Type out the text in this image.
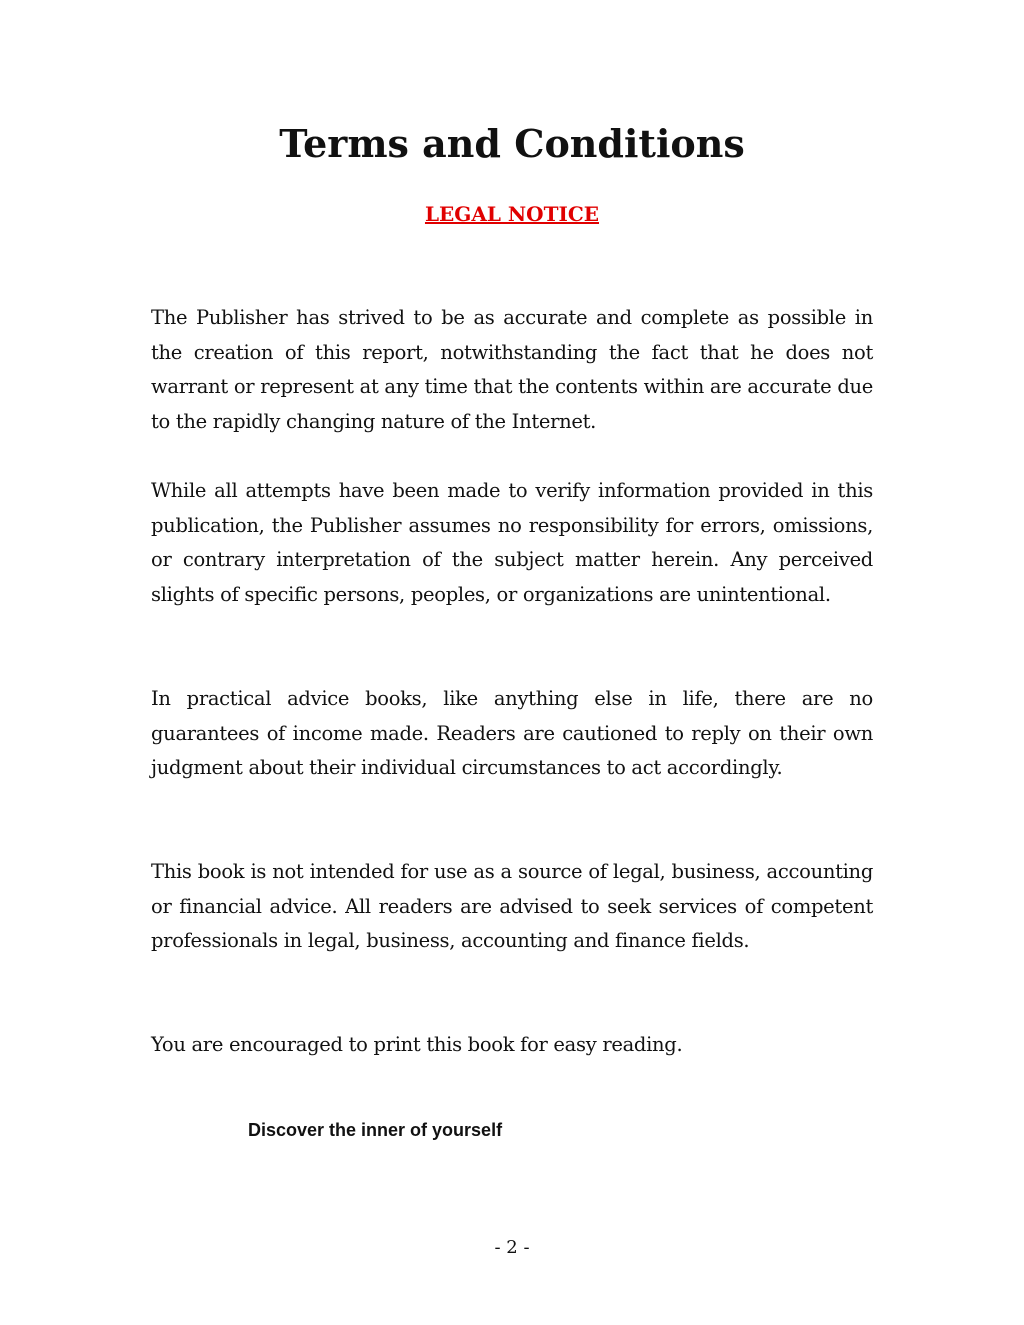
Terms and Conditions
LEGAL NOTICE

The Publisher has strived to be as accurate and complete as possible in the creation of this report, notwithstanding the fact that he does not warrant or represent at any time that the contents within are accurate due to the rapidly changing nature of the Internet.

While all attempts have been made to verify information provided in this publication, the Publisher assumes no responsibility for errors, omissions, or contrary interpretation of the subject matter herein. Any perceived slights of specific persons, peoples, or organizations are unintentional.

In practical advice books, like anything else in life, there are no guarantees of income made. Readers are cautioned to reply on their own judgment about their individual circumstances to act accordingly.

This book is not intended for use as a source of legal, business, accounting or financial advice. All readers are advised to seek services of competent professionals in legal, business, accounting and finance fields.

You are encouraged to print this book for easy reading.

Discover the inner of yourself

- 2 -
